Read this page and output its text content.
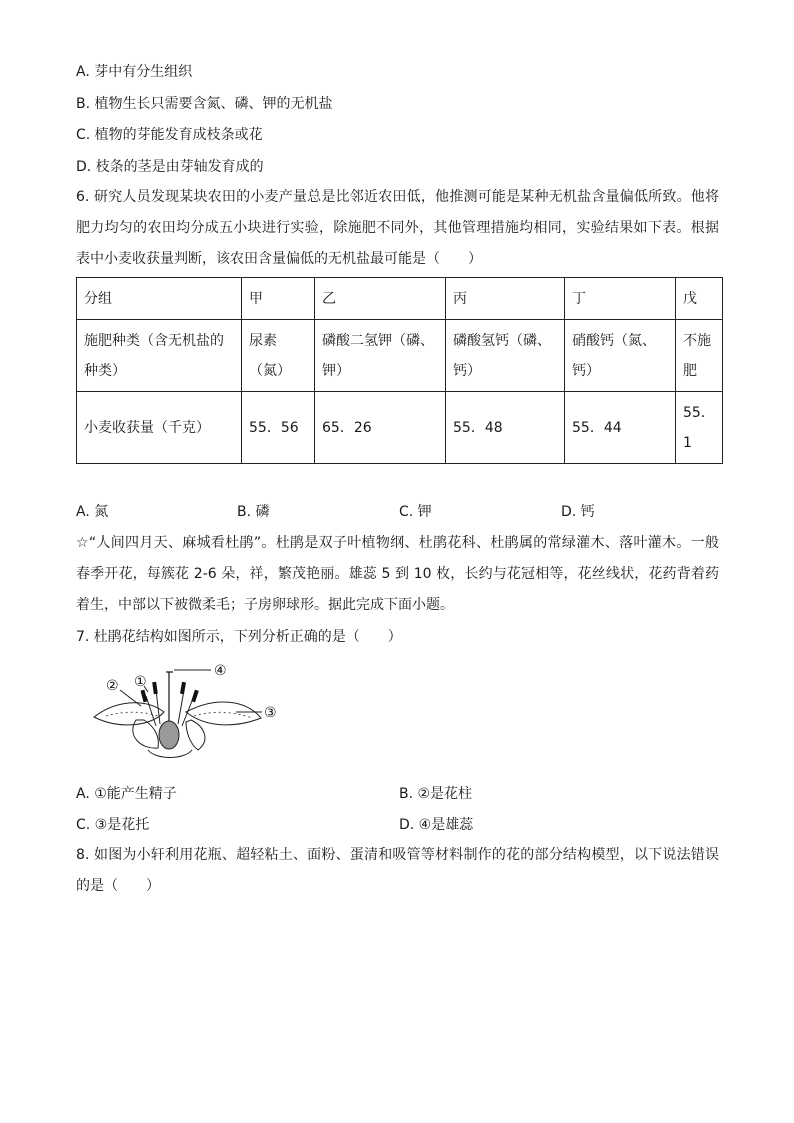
A. 芽中有分生组织
B. 植物生长只需要含氮、磷、钾的无机盐
C. 植物的芽能发育成枝条或花
D. 枝条的茎是由芽轴发育成的
6. 研究人员发现某块农田的小麦产量总是比邻近农田低，他推测可能是某种无机盐含量偏低所致。他将肥力均匀的农田均分成五小块进行实验，除施肥不同外，其他管理措施均相同，实验结果如下表。根据表中小麦收获量判断，该农田含量偏低的无机盐最可能是（　　）
分组	甲	乙	丙	丁	戊
施肥种类（含无机盐的种类）	尿素（氮）	磷酸二氢钾（磷、钾）	磷酸氢钙（磷、钙）	硝酸钙（氮、钙）	不施肥
小麦收获量（千克）	55．56	65．26	55．48	55．44	55．1
A. 氮	B. 磷	C. 钾	D. 钙
☆“人间四月天、麻城看杜鹃”。杜鹃是双子叶植物纲、杜鹃花科、杜鹃属的常绿灌木、落叶灌木。一般春季开花，每簇花 2-6 朵，祥，繁茂艳丽。雄蕊 5 到 10 枚，长约与花冠相等，花丝线状，花药背着药着生，中部以下被微柔毛；子房卵球形。据此完成下面小题。
7. 杜鹃花结构如图所示，下列分析正确的是（　　）
④
①
②
③
A. ①能产生精子	B. ②是花柱
C. ③是花托	D. ④是雄蕊
8. 如图为小轩利用花瓶、超轻粘土、面粉、蛋清和吸管等材料制作的花的部分结构模型，以下说法错误的是（　　）
